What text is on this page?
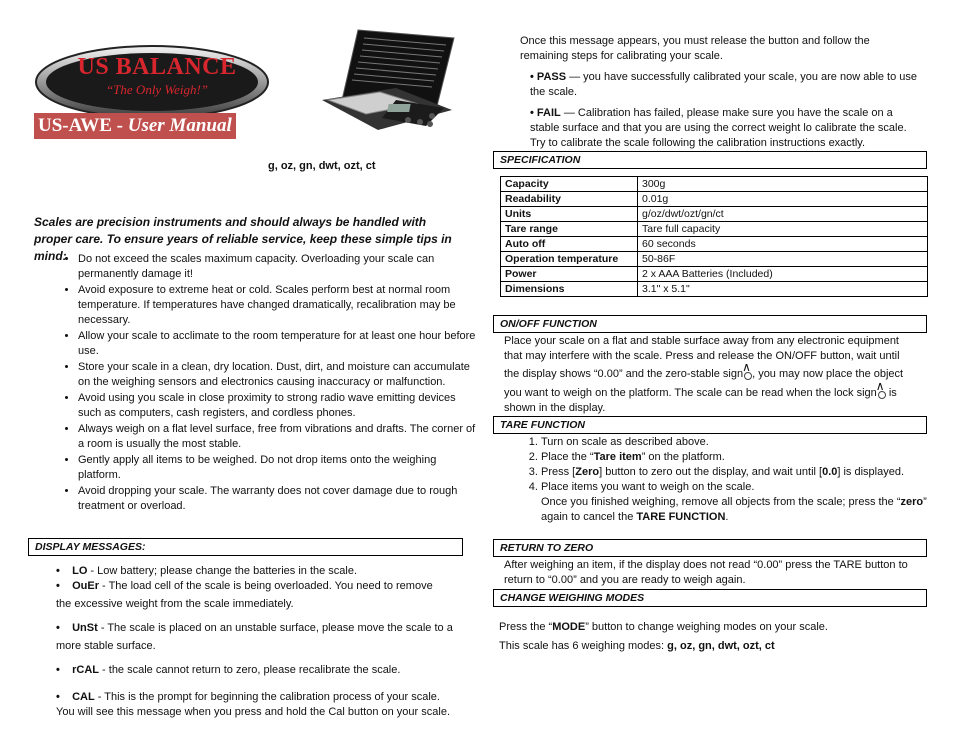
US BALANCE
“The Only Weigh!”
US-AWE - User Manual
g, oz, gn, dwt, ozt, ct
Scales are precision instruments and should always be handled with proper care. To ensure years of reliable service, keep these simple tips in mind:	• Do not exceed the scales maximum capacity. Overloading your scale can permanently damage it!
• Avoid exposure to extreme heat or cold. Scales perform best at normal room temperature. If temperatures have changed dramatically, recalibration may be necessary.
• Allow your scale to acclimate to the room temperature for at least one hour before use.
• Store your scale in a clean, dry location. Dust, dirt, and moisture can accumulate on the weighing sensors and electronics causing inaccuracy or malfunction.
• Avoid using you scale in close proximity to strong radio wave emitting devices such as computers, cash registers, and cordless phones.
• Always weigh on a flat level surface, free from vibrations and drafts. The corner of a room is usually the most stable.
• Gently apply all items to be weighed. Do not drop items onto the weighing platform.
• Avoid dropping your scale. The warranty does not cover damage due to rough treatment or overload.
DISPLAY MESSAGES:
• LO - Low battery; please change the batteries in the scale.
• OuEr - The load cell of the scale is being overloaded. You need to remove
the excessive weight from the scale immediately.
• UnSt - The scale is placed on an unstable surface, please move the scale to a
more stable surface.
• rCAL - the scale cannot return to zero, please recalibrate the scale.
• CAL - This is the prompt for beginning the calibration process of your scale.
You will see this message when you press and hold the Cal button on your scale.
Once this message appears, you must release the button and follow the remaining steps for calibrating your scale.
• PASS — you have successfully calibrated your scale, you are now able to use the scale.
• FAIL — Calibration has failed, please make sure you have the scale on a stable surface and that you are using the correct weight lo calibrate the scale. Try to calibrate the scale following the calibration instructions exactly.
SPECIFICATION
Capacity	300g
Readability	0.01g
Units	g/oz/dwt/ozt/gn/ct
Tare range	Tare full capacity
Auto off	60 seconds
Operation temperature	50-86F
Power	2 x AAA Batteries (Included)
Dimensions	3.1" x 5.1"
ON/OFF FUNCTION
Place your scale on a flat and stable surface away from any electronic equipment
that may interfere with the scale. Press and release the ON/OFF button, wait until
the display shows “0.00” and the zero-stable sign ∧ , you may now place the object
you want to weigh on the platform. The scale can be read when the lock sign∧ is
shown in the display.
TARE FUNCTION
1. Turn on scale as described above.
2. Place the “Tare item” on the platform.
3. Press [Zero] button to zero out the display, and wait until [0.0] is displayed.
4. Place items you want to weigh on the scale.
Once you finished weighing, remove all objects from the scale; press the “zero” again to cancel the TARE FUNCTION.
RETURN TO ZERO
After weighing an item, if the display does not read “0.00” press the TARE button to return to “0.00” and you are ready to weigh again.
CHANGE WEIGHING MODES
Press the “MODE” button to change weighing modes on your scale.
This scale has 6 weighing modes: g, oz, gn, dwt, ozt, ct
